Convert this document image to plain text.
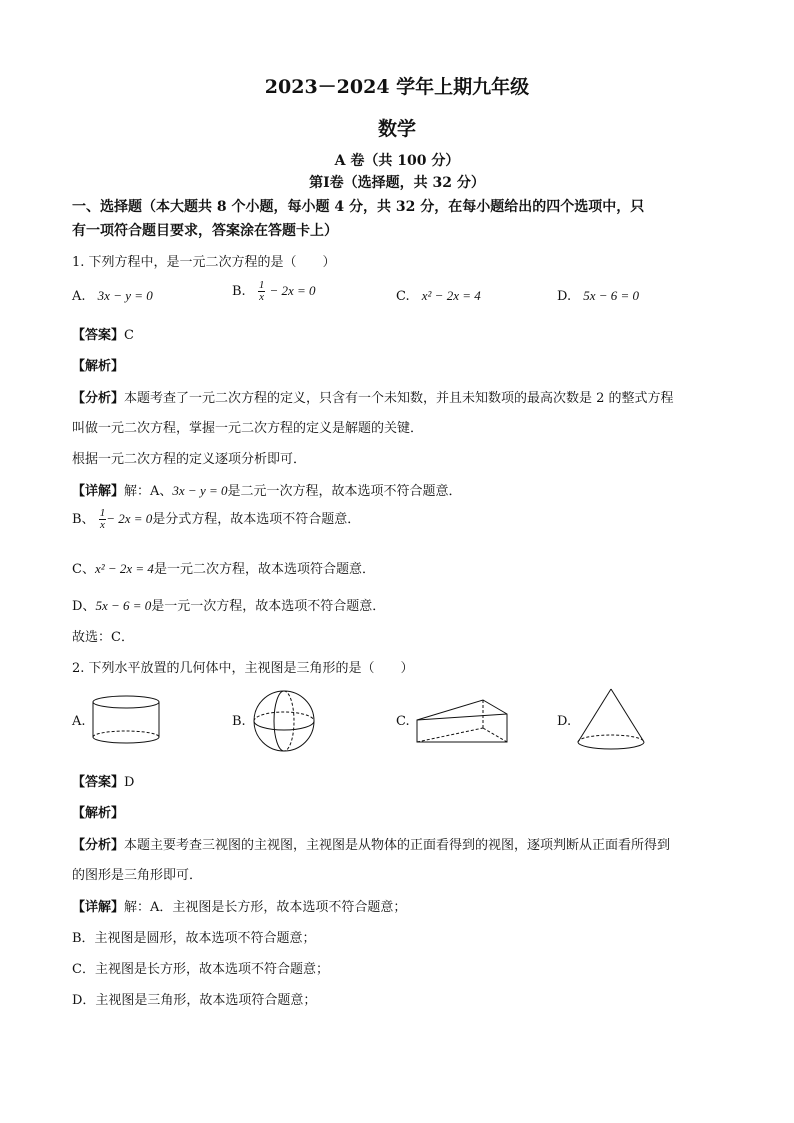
2023－2024 学年上期九年级
数学
A 卷（共 100 分）
第Ⅰ卷（选择题，共 32 分）
一、选择题（本大题共 8 个小题，每小题 4 分，共 32 分，在每小题给出的四个选项中，只
有一项符合题目要求，答案涂在答题卡上）
1. 下列方程中，是一元二次方程的是（　　）
A. 3x − y = 0	B. $\frac{1}{x} - 2x = 0$	C. x² − 2x = 4	D. 5x − 6 = 0
【答案】C
【解析】
【分析】本题考查了一元二次方程的定义，只含有一个未知数，并且未知数项的最高次数是 2 的整式方程
叫做一元二次方程，掌握一元二次方程的定义是解题的关键．
根据一元二次方程的定义逐项分析即可．
【详解】解：A、3x − y = 0是二元一次方程，故本选项不符合题意．
B、 $\frac{1}{x} - 2x = 0$是分式方程，故本选项不符合题意．
C、x² − 2x = 4是一元二次方程，故本选项符合题意．
D、5x − 6 = 0是一元一次方程，故本选项不符合题意．
故选：C．
2. 下列水平放置的几何体中，主视图是三角形的是（　　）
A.	B.	C.	D.
【答案】D
【解析】
【分析】本题主要考查三视图的主视图，主视图是从物体的正面看得到的视图，逐项判断从正面看所得到
的图形是三角形即可．
【详解】解：A．主视图是长方形，故本选项不符合题意；
B．主视图是圆形，故本选项不符合题意；
C．主视图是长方形，故本选项不符合题意；
D．主视图是三角形，故本选项符合题意；
